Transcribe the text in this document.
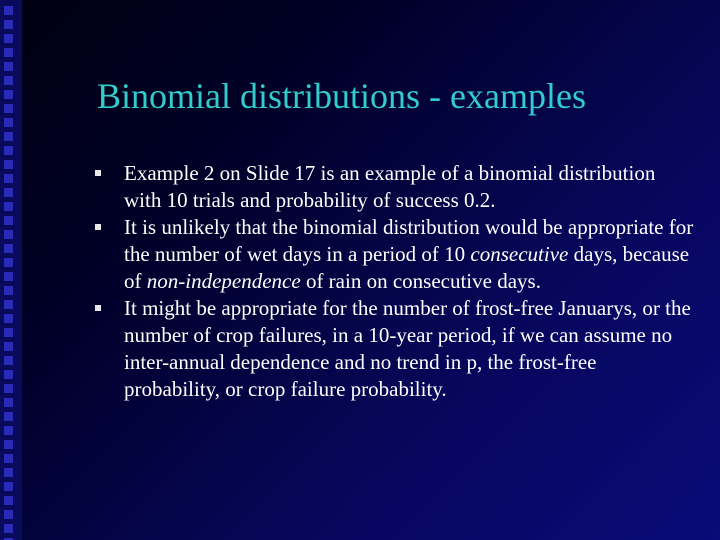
Binomial distributions - examples
Example 2 on Slide 17 is an example of a binomial distribution with 10 trials and probability of success 0.2.
It is unlikely that the binomial distribution would be appropriate for the number of wet days in a period of 10 consecutive days, because of non-independence of rain on consecutive days.
It might be appropriate for the number of frost-free Januarys, or the number of crop failures, in a 10-year period, if we can assume no inter-annual dependence and no trend in p, the frost-free probability, or crop failure probability.
